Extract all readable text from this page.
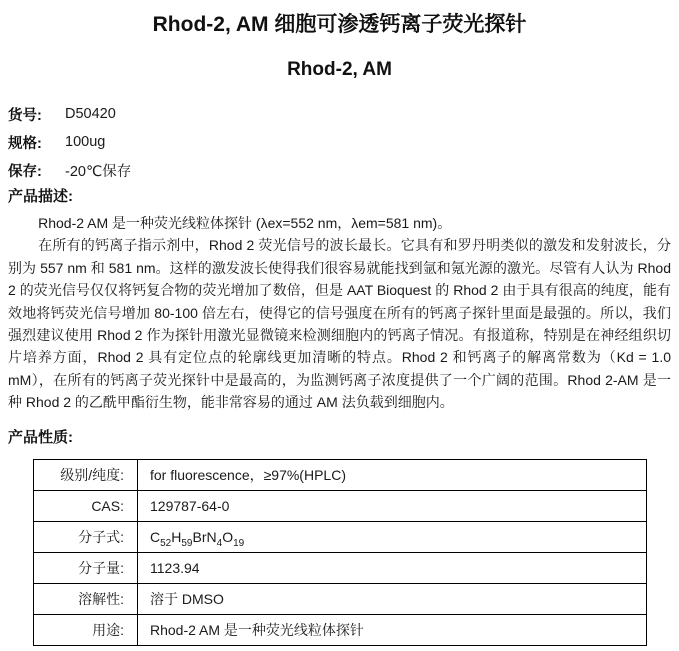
Rhod-2, AM 细胞可渗透钙离子荧光探针
Rhod-2, AM
货号:	D50420
规格:	100ug
保存:	-20℃保存
产品描述:

Rhod-2 AM 是一种荧光线粒体探针 (λex=552 nm，λem=581 nm)。

在所有的钙离子指示剂中，Rhod 2 荧光信号的波长最长。它具有和罗丹明类似的激发和发射波长，分别为 557 nm 和 581 nm。这样的激发波长使得我们很容易就能找到氩和氪光源的激光。尽管有人认为 Rhod 2 的荧光信号仅仅将钙复合物的荧光增加了数倍，但是 AAT Bioquest 的 Rhod 2 由于具有很高的纯度，能有效地将钙荧光信号增加 80-100 倍左右，使得它的信号强度在所有的钙离子探针里面是最强的。所以，我们强烈建议使用 Rhod 2 作为探针用激光显微镜来检测细胞内的钙离子情况。有报道称，特别是在神经组织切片培养方面，Rhod 2 具有定位点的轮廓线更加清晰的特点。Rhod 2 和钙离子的解离常数为（Kd = 1.0 mM），在所有的钙离子荧光探针中是最高的，为监测钙离子浓度提供了一个广阔的范围。Rhod 2-AM 是一种 Rhod 2 的乙酰甲酯衍生物，能非常容易的通过 AM 法负载到细胞内。

产品性质:
级别/纯度:	for fluorescence，≥97%(HPLC)
CAS:	129787-64-0
分子式:	$C_{52}H_{59}BrN_4O_{19}$
分子量:	1123.94
溶解性:	溶于 DMSO
用途:	Rhod-2 AM 是一种荧光线粒体探针
